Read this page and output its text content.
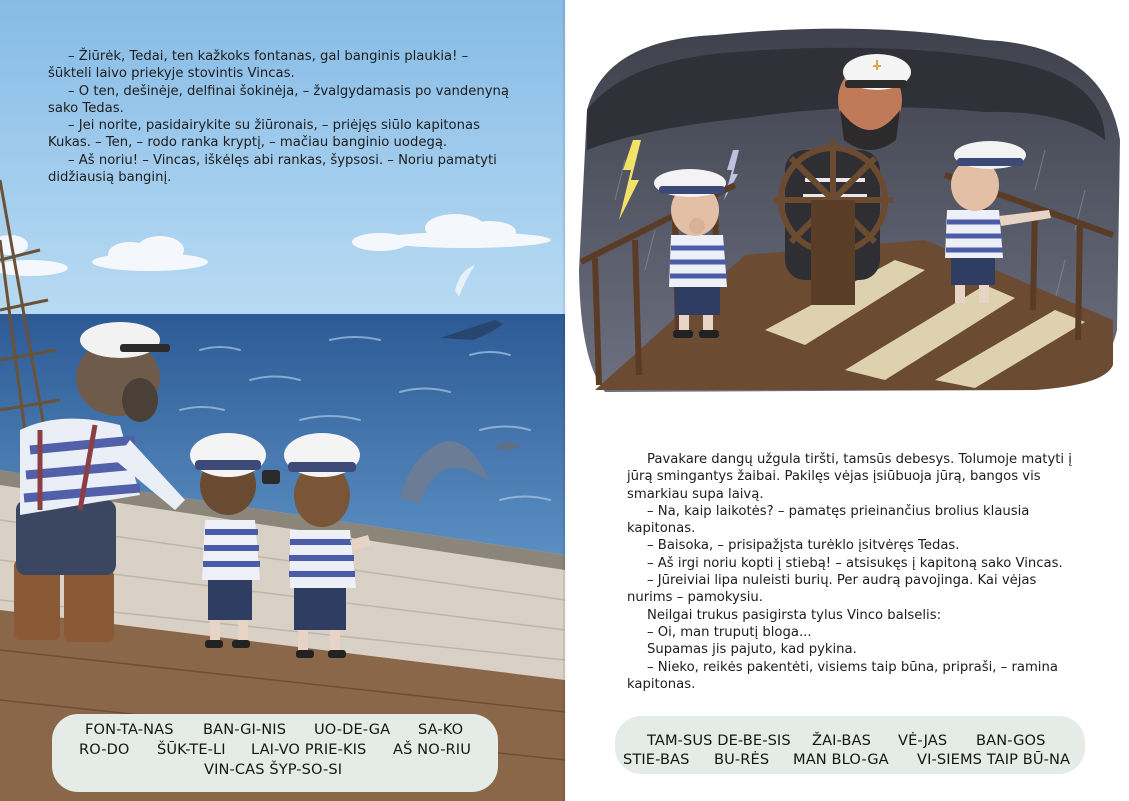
– Žiūrėk, Tedai, ten kažkoks fontanas, gal banginis plaukia! – šūkteli laivo priekyje stovintis Vincas.

– O ten, dešinėje, delfinai šokinėja, – žvalgydamasis po vandenyną sako Tedas.

– Jei norite, pasidairykite su žiūronais, – priėjęs siūlo kapitonas Kukas. – Ten, – rodo ranka kryptį, – mačiau banginio uodegą.

– Aš noriu! – Vincas, iškėlęs abi rankas, šypsosi. – Noriu pamatyti didžiausią banginį.

FON-TA-NAS BAN-GI-NIS UO-DE-GA SA-KO
RO-DO ŠŪK-TE-LI LAI-VO PRIE-KIS AŠ NO-RIU
VIN-CAS ŠYP-SO-SI

Pavakare dangų užgula tiršti, tamsūs debesys. Tolumoje matyti į jūrą smingantys žaibai. Pakilęs vėjas įsiūbuoja jūrą, bangos vis smarkiau supa laivą.

– Na, kaip laikotės? – pamatęs prieinančius brolius klausia kapitonas.

– Baisoka, – prisipažįsta turėklo įsitvėręs Tedas.

– Aš irgi noriu kopti į stiebą! – atsisukęs į kapitoną sako Vincas.

– Jūreiviai lipa nuleisti burių. Per audrą pavojinga. Kai vėjas nurims – pamokysiu.

Neilgai trukus pasigirsta tylus Vinco balselis:

– Oi, man truputį bloga...

Supamas jis pajuto, kad pykina.

– Nieko, reikės pakentėti, visiems taip būna, pripraši, – ramina kapitonas.

TAM-SUS DE-BE-SIS ŽAI-BAS VĖ-JAS BAN-GOS
STIE-BAS BU-RĖS MAN BLO-GA VI-SIEMS TAIP BŪ-NA
